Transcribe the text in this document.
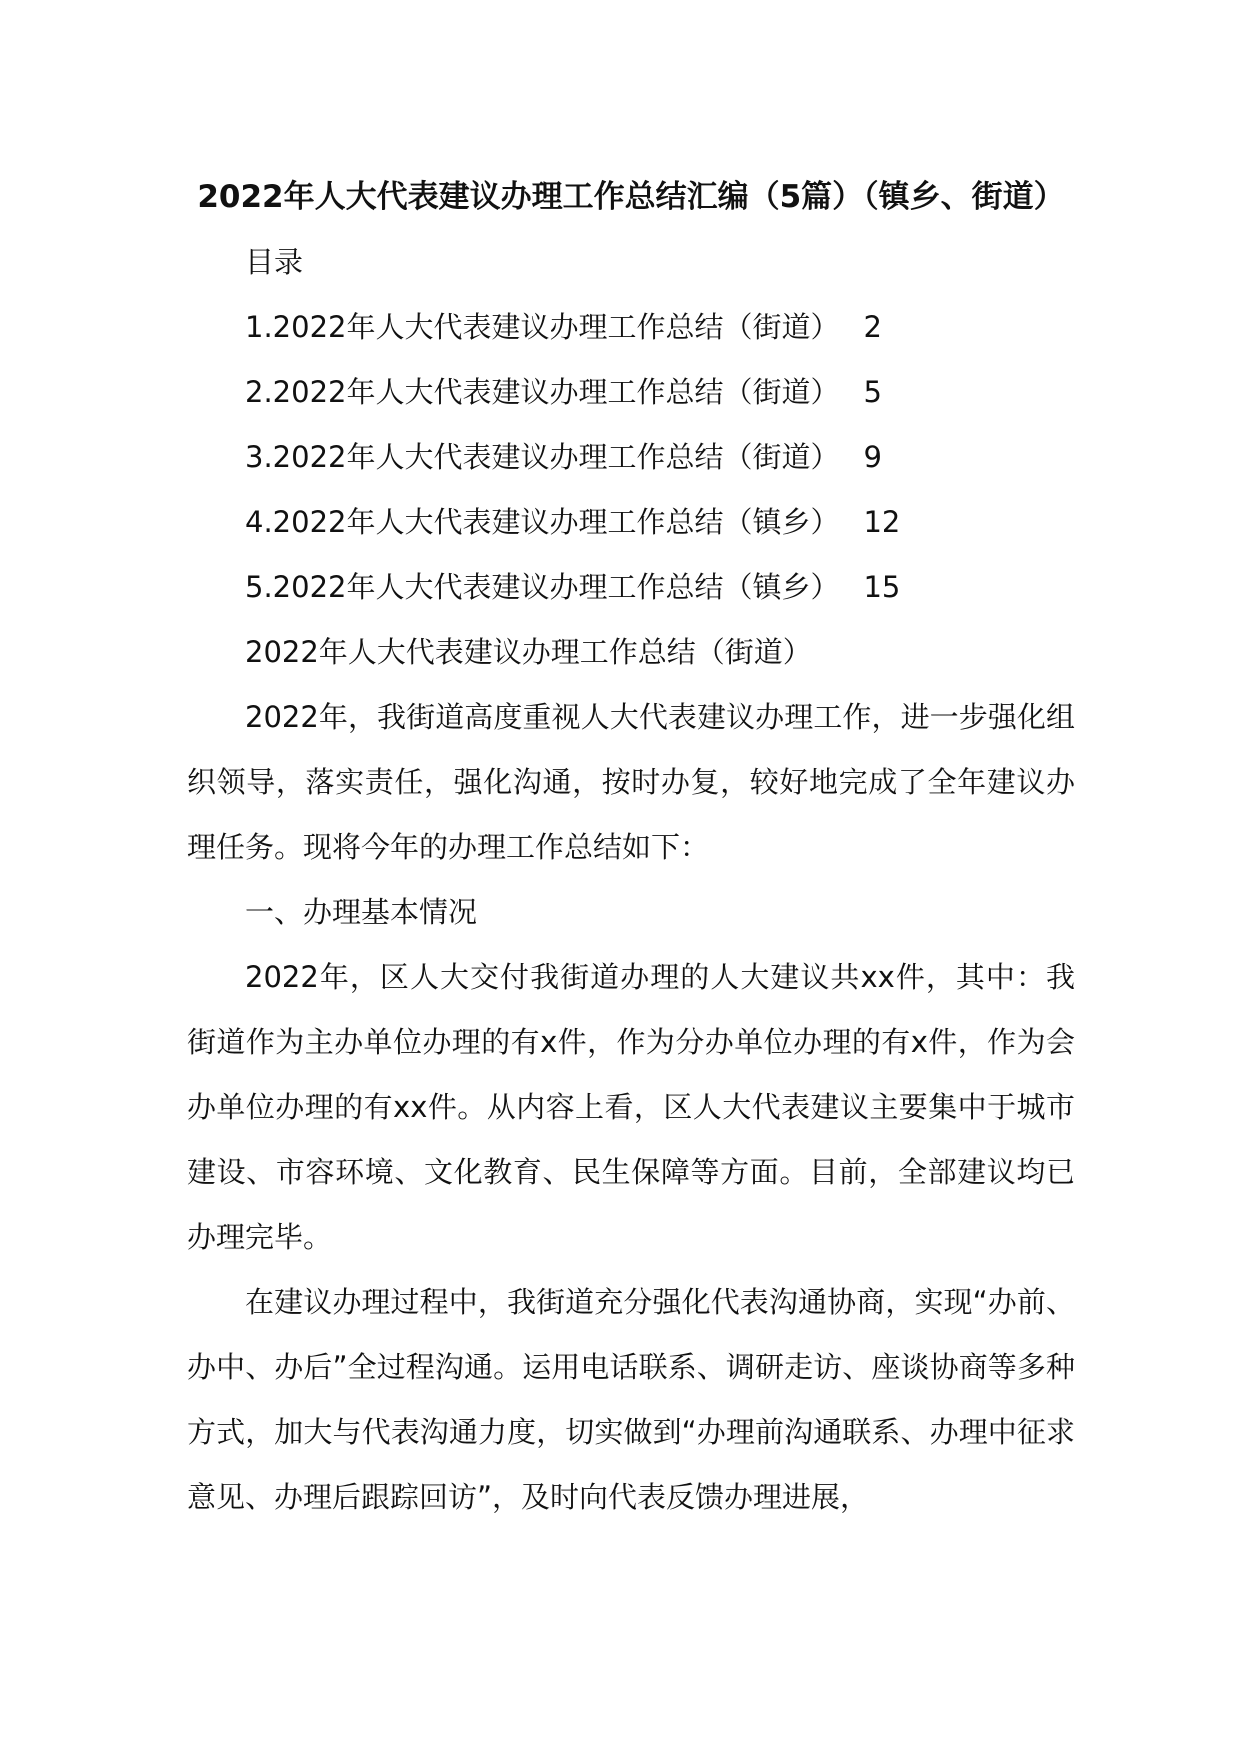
2022年人大代表建议办理工作总结汇编（5篇）（镇乡、街道）

目录

1.2022年人大代表建议办理工作总结（街道） 2

2.2022年人大代表建议办理工作总结（街道） 5

3.2022年人大代表建议办理工作总结（街道） 9

4.2022年人大代表建议办理工作总结（镇乡） 12

5.2022年人大代表建议办理工作总结（镇乡） 15

2022年人大代表建议办理工作总结（街道）

2022年，我街道高度重视人大代表建议办理工作，进一步强化组织领导，落实责任，强化沟通，按时办复，较好地完成了全年建议办理任务。现将今年的办理工作总结如下：

一、办理基本情况

2022年，区人大交付我街道办理的人大建议共xx件，其中：我街道作为主办单位办理的有x件，作为分办单位办理的有x件，作为会办单位办理的有xx件。从内容上看，区人大代表建议主要集中于城市建设、市容环境、文化教育、民生保障等方面。目前，全部建议均已办理完毕。

在建议办理过程中，我街道充分强化代表沟通协商，实现“办前、办中、办后”全过程沟通。运用电话联系、调研走访、座谈协商等多种方式，加大与代表沟通力度，切实做到“办理前沟通联系、办理中征求意见、办理后跟踪回访”，及时向代表反馈办理进展，
